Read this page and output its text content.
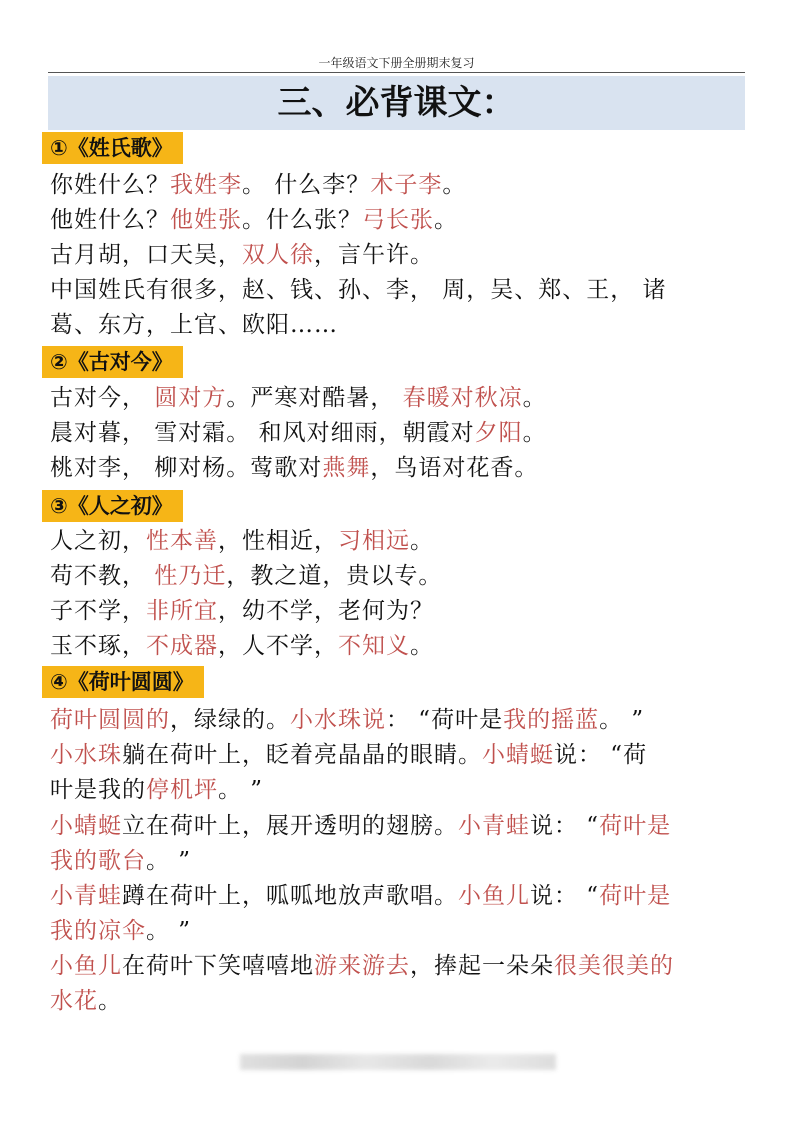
一年级语文下册全册期末复习
三、必背课文：
①《姓氏歌》
②《古对今》
③《人之初》
④《荷叶圆圆》
你姓什么？我姓李。 什么李？木子李。
他姓什么？他姓张。什么张？弓长张。
古月胡，口天吴，双人徐，言午许。
中国姓氏有很多，赵、钱、孙、李， 周，吴、郑、王， 诸
葛、东方，上官、欧阳……
古对今， 圆对方。严寒对酷暑， 春暖对秋凉。
晨对暮， 雪对霜。 和风对细雨，朝霞对夕阳。
桃对李， 柳对杨。莺歌对燕舞，鸟语对花香。
人之初，性本善，性相近，习相远。
苟不教， 性乃迁，教之道，贵以专。
子不学，非所宜，幼不学，老何为？
玉不琢，不成器，人不学，不知义。
荷叶圆圆的，绿绿的。小水珠说： “荷叶是我的摇蓝。 ”
小水珠躺在荷叶上，眨着亮晶晶的眼睛。小蜻蜓说： “荷
叶是我的停机坪。 ”
小蜻蜓立在荷叶上，展开透明的翅膀。小青蛙说： “荷叶是
我的歌台。 ”
小青蛙蹲在荷叶上，呱呱地放声歌唱。小鱼儿说： “荷叶是
我的凉伞。 ”
小鱼儿在荷叶下笑嘻嘻地游来游去，捧起一朵朵很美很美的
水花。
